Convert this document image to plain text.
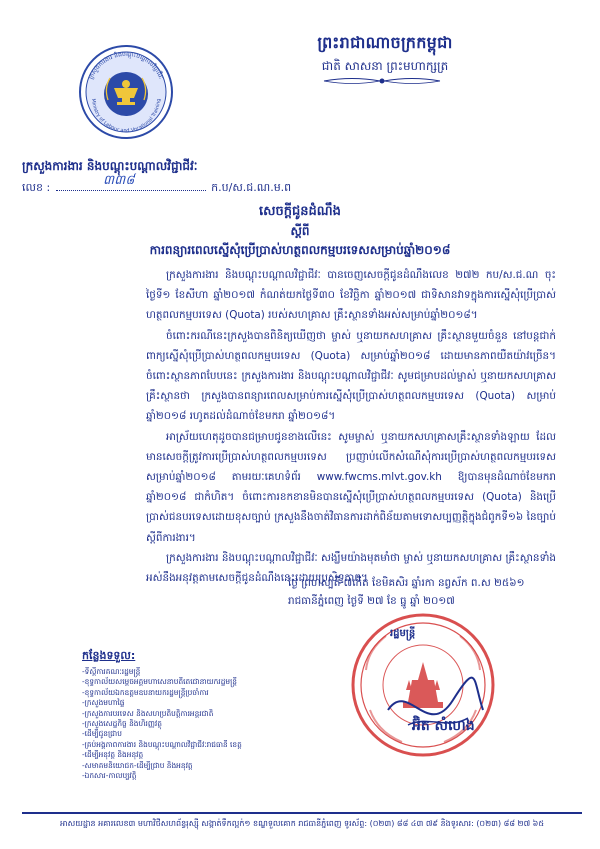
ព្រះរាជាណាចក្រកម្ពុជា
ជាតិ សាសនា ព្រះមហាក្សត្រ
ក្រសួងការងារ និងបណ្តុះបណ្តាលវិជ្ជាជីវៈ
Ministry of Labour and Vocational Training
ក្រសួងការងារ និងបណ្តុះបណ្តាលវិជ្ជាជីវៈ
លេខ :	ក.ប/ស.ជ.ណ.ម.ព
៣៣៨
សេចក្តីជូនដំណឹង
ស្តីពី
ការពន្យារពេលស្នើសុំប្រើប្រាស់ហត្ថពលកម្មបរទេសសម្រាប់ឆ្នាំ២០១៨

ក្រសួងការងារ និងបណ្តុះបណ្តាលវិជ្ជាជីវៈ បានចេញសេចក្តីជូនដំណឹងលេខ ២៧២ កប/ស.ជ.ណ ចុះថ្ងៃទី១ ខែសីហា ឆ្នាំ២០១៧ កំណត់យកថ្ងៃទី៣០ ខែវិច្ឆិកា ឆ្នាំ២០១៧ ជាទិសានវាទក្នុងការស្នើសុំប្រើប្រាស់ហត្ថពលកម្មបរទេស (Quota) របស់សហគ្រាស គ្រឹះស្ថានទាំងអស់សម្រាប់ឆ្នាំ២០១៨។

ចំពោះករណីនេះក្រសួងបានពិនិត្យឃើញថា ម្ចាស់ ឬនាយកសហគ្រាស គ្រឹះស្ថានមួយចំនួន នៅបន្តជាក់ពាក្យស្នើសុំប្រើប្រាស់ហត្ថពលកម្មបរទេស (Quota) សម្រាប់ឆ្នាំ២០១៨ ដោយមានភាពយឺតយ៉ាវច្រើន។ ចំពោះស្ថានភាពបែបនេះ ក្រសួងការងារ និងបណ្តុះបណ្តាលវិជ្ជាជីវៈ សូមជម្រាបដល់ម្ចាស់ ឬនាយកសហគ្រាស គ្រឹះស្ថានថា ក្រសួងបានពន្យារពេលសម្រាប់ការស្នើសុំប្រើប្រាស់ហត្ថពលកម្មបរទេស (Quota) សម្រាប់ឆ្នាំ២០១៨ រហូតដល់ដំណាច់ខែមករា ឆ្នាំ២០១៨។

អាស្រ័យហេតុដូចបានជម្រាបជូនខាងលើនេះ សូមម្ចាស់ ឬនាយកសហគ្រាសគ្រឹះស្ថានទាំងឡាយ ដែលមានសេចក្តីត្រូវការប្រើប្រាស់ហត្ថពលកម្មបរទេស ប្រញាប់លើកសំណើសុំការប្រើប្រាស់ហត្ថពលកម្មបរទេសសម្រាប់ឆ្នាំ២០១៨ តាមរយៈគេហទំព័រ www.fwcms.mlvt.gov.kh ឱ្យបានមុនដំណាច់ខែមករា ឆ្នាំ២០១៨ ជាកំហិត។ ចំពោះការខកខានមិនបានស្នើសុំប្រើប្រាស់ហត្ថពលកម្មបរទេស (Quota) និងប្រើប្រាស់ជនបរទេសដោយខុសច្បាប់ ក្រសួងនឹងចាត់វិធានការដាក់ពិន័យតាមទោសប្បញ្ញត្តិក្នុងជំពូកទី១៦ នៃច្បាប់ស្តីពីការងារ។

ក្រសួងការងារ និងបណ្តុះបណ្តាលវិជ្ជាជីវៈ សង្ឃឹមយ៉ាងមុតមាំថា ម្ចាស់ ឬនាយកសហគ្រាស គ្រឹះស្ថានទាំងអស់នឹងអនុវត្តតាមសេចក្តីជូនដំណឹងនេះដោយប្រសិទ្ធភាព។

ថ្ងៃ ព្រហស្បតិ៍ ៧កើត ខែមិគសិរ ឆ្នាំរកា នព្វស័ក ព.ស ២៥៦១
រាជធានីភ្នំពេញ ថ្ងៃទី ២៧ ខែ ធ្នូ ឆ្នាំ ២០១៧
រដ្ឋមន្ត្រី
អ៊ិត សំហេង
កន្លែងទទួល:
-ទីស្តីការគណៈរដ្ឋមន្ត្រី
-ខុទ្ទកាល័យសម្តេចអគ្គមហាសេនាបតីតេជោនាយករដ្ឋមន្ត្រី
-ខុទ្ទកាល័យឯកឧត្តមឧបនាយករដ្ឋមន្ត្រីប្រចាំការ
-ក្រសួងមហាផ្ទៃ
-ក្រសួងការបរទេស និងសហប្រតិបត្តិការអន្តរជាតិ
-ក្រសួងសេដ្ឋកិច្ច និងហិរញ្ញវត្ថុ
-ដើម្បីជូនជ្រាប
-គ្រប់អង្គភាពការងារ និងបណ្តុះបណ្តាលវិជ្ជាជីវៈរាជធានី ខេត្ត
-ដើម្បីអនុវត្ត និងអនុវត្ត
-សមាគមនិយោជក-ដើម្បីជ្រាប និងអនុវត្ត
-ឯកសារ-កាលប្បវត្តិ
អាសយដ្ឋាន អគារលេខ៣ មហាវិថីសហព័ន្ធរុស្ស៊ី សង្កាត់ទឹកល្អក់១ ខណ្ឌទួលគោក រាជធានីភ្នំពេញ ទូរស័ព្ទ: (០២៣) ៨៨ ៤៣ ៧៩ និងទូរសារ: (០២៣) ៨៨ ២៧ ៦៥
